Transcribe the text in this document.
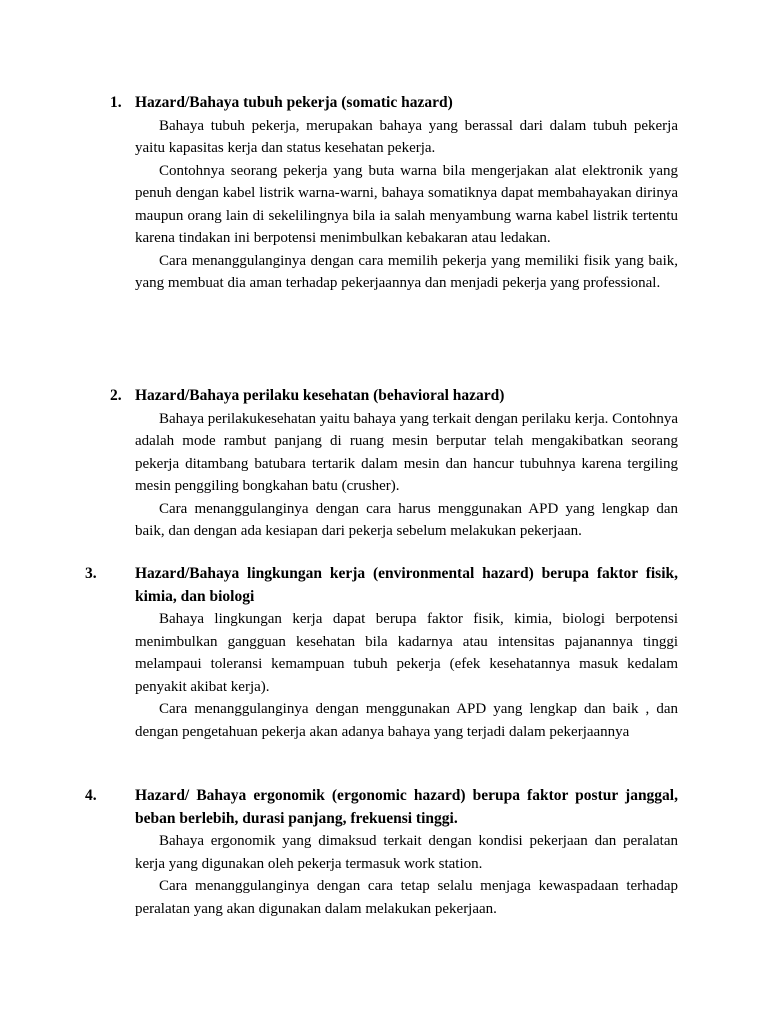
1. Hazard/Bahaya tubuh pekerja (somatic hazard)

Bahaya tubuh pekerja, merupakan bahaya yang berassal dari dalam tubuh pekerja yaitu kapasitas kerja dan status kesehatan pekerja.

Contohnya seorang pekerja yang buta warna bila mengerjakan alat elektronik yang penuh dengan kabel listrik warna-warni, bahaya somatiknya dapat membahayakan dirinya maupun orang lain di sekelilingnya bila ia salah menyambung warna kabel listrik tertentu karena tindakan ini berpotensi menimbulkan kebakaran atau ledakan.

Cara menanggulanginya dengan cara memilih pekerja yang memiliki fisik yang baik, yang membuat dia aman terhadap pekerjaannya dan menjadi pekerja yang professional.

2. Hazard/Bahaya perilaku kesehatan (behavioral hazard)

Bahaya perilakukesehatan yaitu bahaya yang terkait dengan perilaku kerja. Contohnya adalah mode rambut panjang di ruang mesin berputar telah mengakibatkan seorang pekerja ditambang batubara tertarik dalam mesin dan hancur tubuhnya karena tergiling mesin penggiling bongkahan batu (crusher).

Cara menanggulanginya dengan cara harus menggunakan APD yang lengkap dan baik, dan dengan ada kesiapan dari pekerja sebelum melakukan pekerjaan.

3. Hazard/Bahaya lingkungan kerja (environmental hazard) berupa faktor fisik, kimia, dan biologi

Bahaya lingkungan kerja dapat berupa faktor fisik, kimia, biologi berpotensi menimbulkan gangguan kesehatan bila kadarnya atau intensitas pajanannya tinggi melampaui toleransi kemampuan tubuh pekerja (efek kesehatannya masuk kedalam penyakit akibat kerja).

Cara menanggulanginya dengan menggunakan APD yang lengkap dan baik , dan dengan pengetahuan pekerja akan adanya bahaya yang terjadi dalam pekerjaannya

4. Hazard/ Bahaya ergonomik (ergonomic hazard) berupa faktor postur janggal, beban berlebih, durasi panjang, frekuensi tinggi.

Bahaya ergonomik yang dimaksud terkait dengan kondisi pekerjaan dan peralatan kerja yang digunakan oleh pekerja termasuk work station.

Cara menanggulanginya dengan cara tetap selalu menjaga kewaspadaan terhadap peralatan yang akan digunakan dalam melakukan pekerjaan.
